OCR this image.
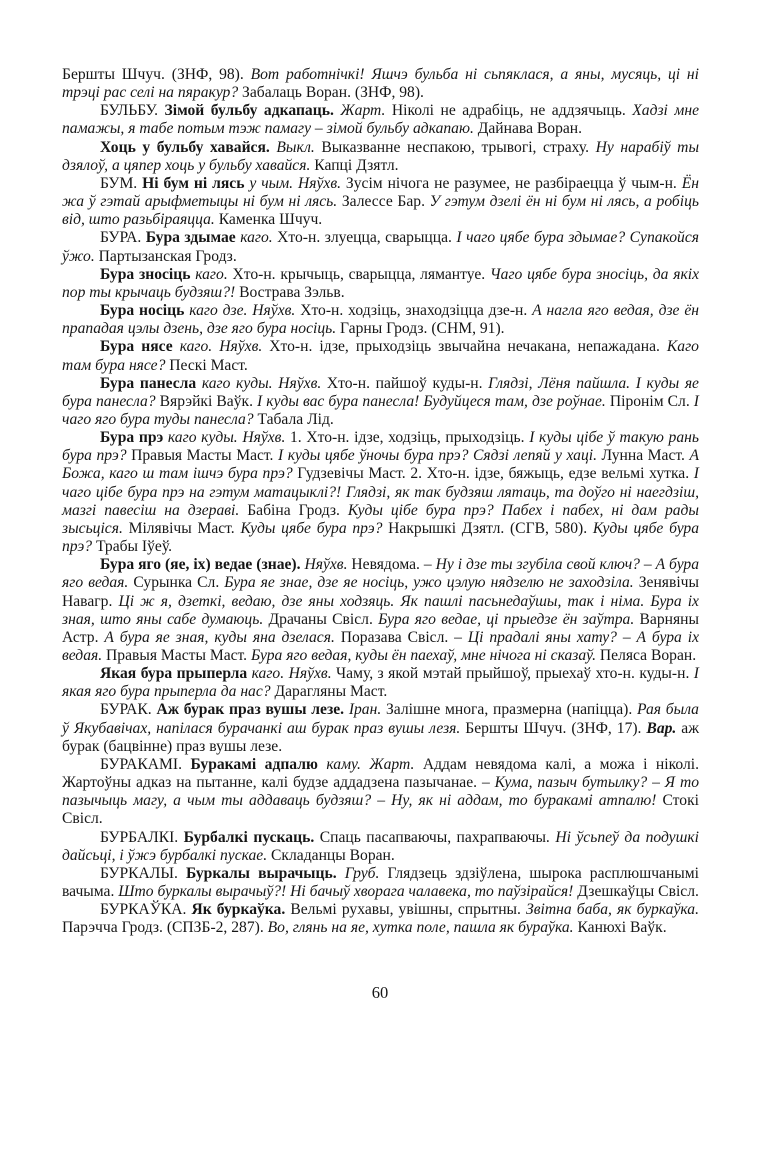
Бершты Шчуч. (ЗНФ, 98). Вот работнічкі! Яшчэ бульба ні сьпяклася, а яны, мусяць, ці ні трэці рас селі на пяракур? Забалаць Воран. (ЗНФ, 98).

БУЛЬБУ. Зімой бульбу адкапаць. Жарт. Ніколі не адрабіць, не аддзячыць. Хадзі мне памажы, я табе потым тэж памагу – зімой бульбу адкапаю. Дайнава Воран.

Хоць у бульбу хавайся. Выкл. Выказванне неспакою, трывогі, страху. Ну нарабіў ты дзялоў, а цяпер хоць у бульбу хавайся. Капці Дзятл.

БУМ. Ні бум ні лясь у чым. Няўхв. Зусім нічога не разумее, не разбіраецца ў чым-н. Ён жа ў гэтай арыфметыцы ні бум ні лясь. Залессе Бар. У гэтум дзелі ён ні бум ні лясь, а робіць від, што разьбіраяцца. Каменка Шчуч.

БУРА. Бура здымае каго. Хто-н. злуецца, сварыцца. І чаго цябе бура здымае? Супакойся ўжо. Партызанская Гродз.

Бура зносіць каго. Хто-н. крычыць, сварыцца, лямантуе. Чаго цябе бура зносіць, да якіх пор ты крычаць будзяш?! Вострава Зэльв.

Бура носіць каго дзе. Няўхв. Хто-н. ходзіць, знаходзіцца дзе-н. А нагла яго ведая, дзе ён прападая цэлы дзень, дзе яго бура носіць. Гарны Гродз. (СНМ, 91).

Бура нясе каго. Няўхв. Хто-н. ідзе, прыходзіць звычайна нечакана, непажадана. Каго там бура нясе? Пескі Маст.

Бура панесла каго куды. Няўхв. Хто-н. пайшоў куды-н. Глядзі, Лёня пайшла. І куды яе бура панесла? Вярэйкі Ваўк. І куды вас бура панесла! Будуйцеся там, дзе роўнае. Піронім Сл. І чаго яго бура туды панесла? Табала Лід.

Бура прэ каго куды. Няўхв. 1. Хто-н. ідзе, ходзіць, прыходзіць. І куды цібе ў такую рань бура прэ? Правыя Масты Маст. І куды цябе ўночы бура прэ? Сядзі лепяй у хаці. Лунна Маст. А Божа, каго ш там ішчэ бура прэ? Гудзевічы Маст. 2. Хто-н. ідзе, бяжыць, едзе вельмі хутка. І чаго цібе бура прэ на гэтум матацыклі?! Глядзі, як так будзяш лятаць, та доўго ні наегдзіш, мазгі павесіш на дзераві. Бабіна Гродз. Куды цібе бура прэ? Пабех і пабех, ні дам рады зысьціся. Мілявічы Маст. Куды цябе бура прэ? Накрышкі Дзятл. (СГВ, 580). Куды цябе бура прэ? Трабы Іўеў.

Бура яго (яе, іх) ведае (знае). Няўхв. Невядома. – Ну і дзе ты згубіла свой ключ? – А бура яго ведая. Сурынка Сл. Бура яе знае, дзе яе носіць, ужо цэлую нядзелю не заходзіла. Зенявічы Навагр. Ці ж я, дзеткі, ведаю, дзе яны ходзяць. Як пашлі пасьнедаўшы, так і німа. Бура іх зная, што яны сабе думаюць. Драчаны Свісл. Бура яго ведае, ці прыедзе ён заўтра. Варняны Астр. А бура яе зная, куды яна дзелася. Поразава Свісл. – Ці прадалі яны хату? – А бура іх ведая. Правыя Масты Маст. Бура яго ведая, куды ён паехаў, мне нічога ні сказаў. Пеляса Воран.

Якая бура прыперла каго. Няўхв. Чаму, з якой мэтай прыйшоў, прыехаў хто-н. куды-н. І якая яго бура прыперла да нас? Дарагляны Маст.

БУРАК. Аж бурак праз вушы лезе. Іран. Залішне многа, празмерна (напіцца). Рая была ў Якубавічах, напілася бурачанкі аш бурак праз вушы лезя. Бершты Шчуч. (ЗНФ, 17). Вар. аж бурак (бацвінне) праз вушы лезе.

БУРАКАМІ. Буракамі адпалю каму. Жарт. Аддам невядома калі, а можа і ніколі. Жартоўны адказ на пытанне, калі будзе аддадзена пазычанае. – Кума, пазыч бутылку? – Я то пазычыць магу, а чым ты аддаваць будзяш? – Ну, як ні аддам, то буракамі атпалю! Стокі Свісл.

БУРБАЛКІ. Бурбалкі пускаць. Спаць пасапваючы, пахрапваючы. Ні ўсьпеў да подушкі дайсьці, і ўжэ бурбалкі пускае. Складанцы Воран.

БУРКАЛЫ. Буркалы вырачыць. Груб. Глядзець здзіўлена, шырока расплюшчанымі вачыма. Што буркалы вырачыў?! Ні бачыў хворага чалавека, то паўзірайся! Дзешкаўцы Свісл.

БУРКАЎКА. Як буркаўка. Вельмі рухавы, увішны, спрытны. Звітна баба, як буркаўка. Парэчча Гродз. (СПЗБ-2, 287). Во, глянь на яе, хутка поле, пашла як бураўка. Канюхі Ваўк.

60
